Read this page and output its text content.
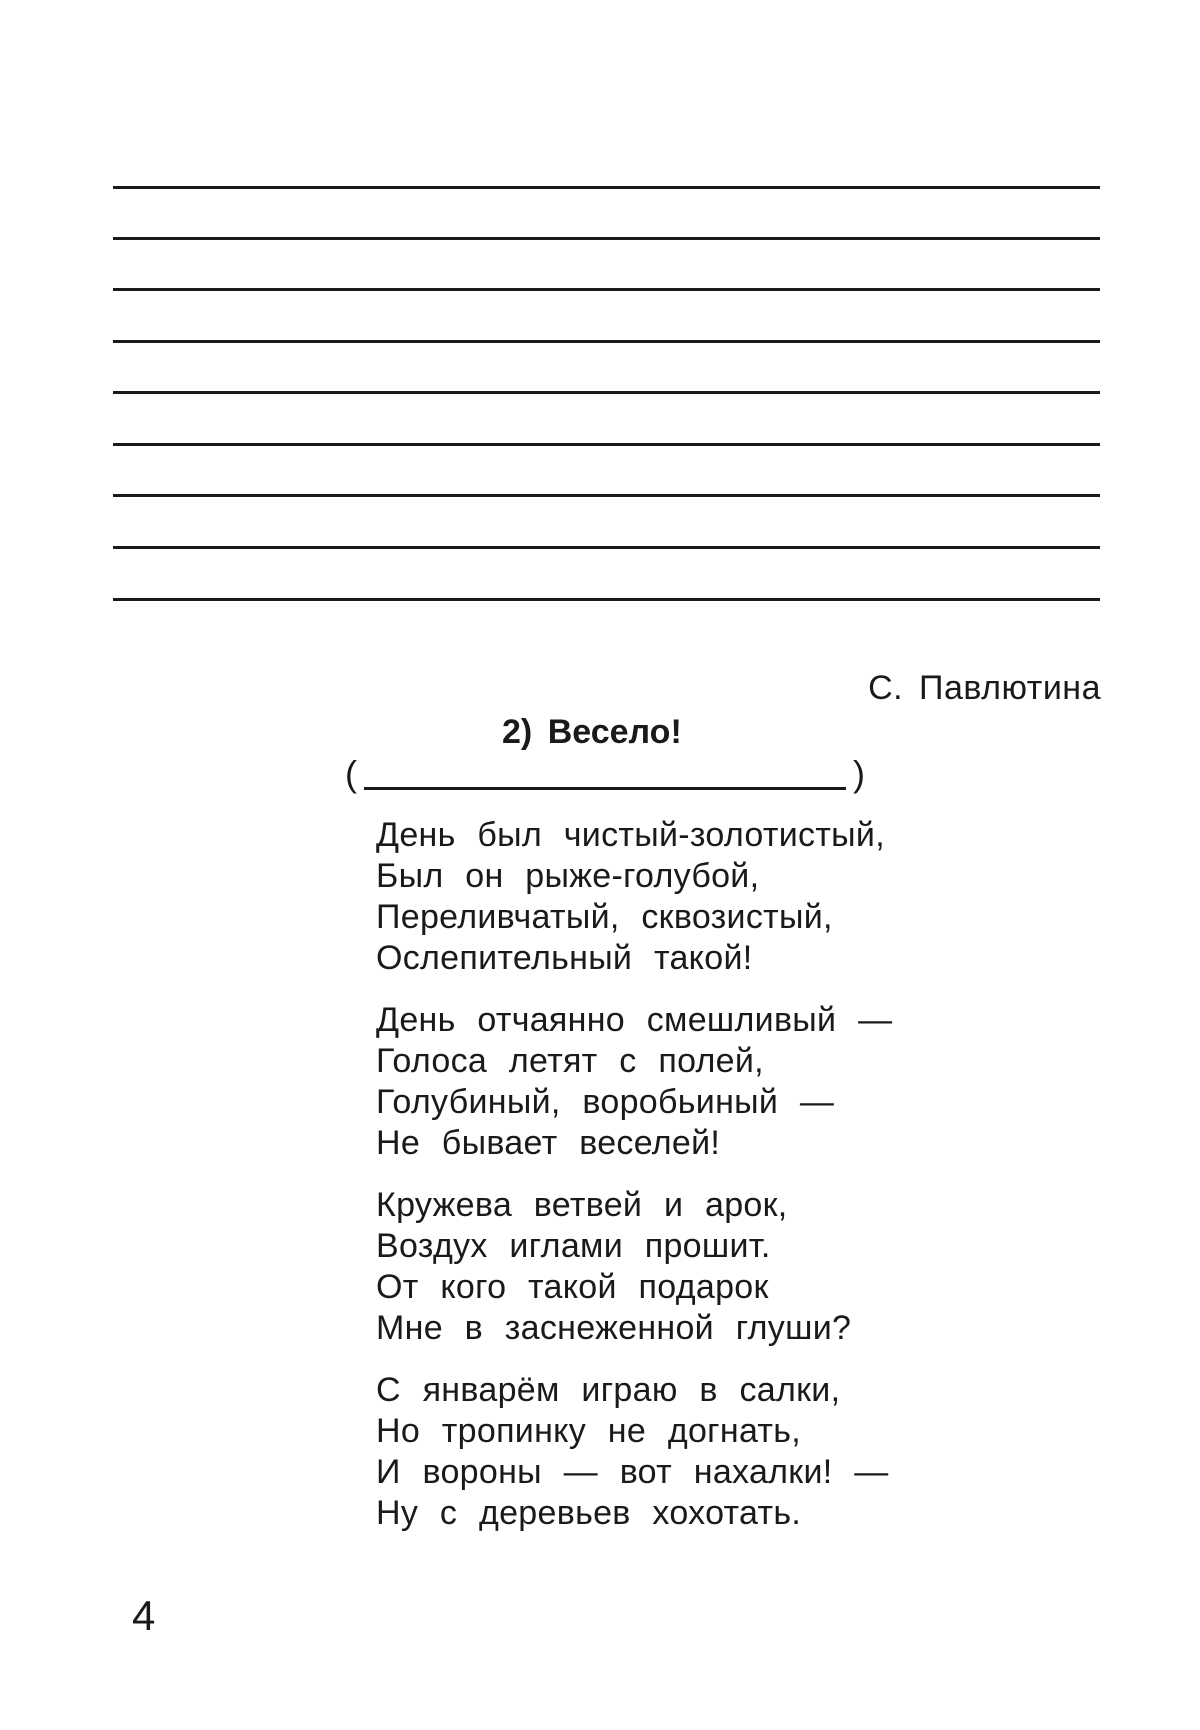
С. Павлютина
2) Весело!
(	)
День был чистый-золотистый,
Был он рыже-голубой,
Переливчатый, сквозистый,
Ослепительный такой!
День отчаянно смешливый —
Голоса летят с полей,
Голубиный, воробьиный —
Не бывает веселей!
Кружева ветвей и арок,
Воздух иглами прошит.
От кого такой подарок
Мне в заснеженной глуши?
С январём играю в салки,
Но тропинку не догнать,
И вороны — вот нахалки! —
Ну с деревьев хохотать.
4
